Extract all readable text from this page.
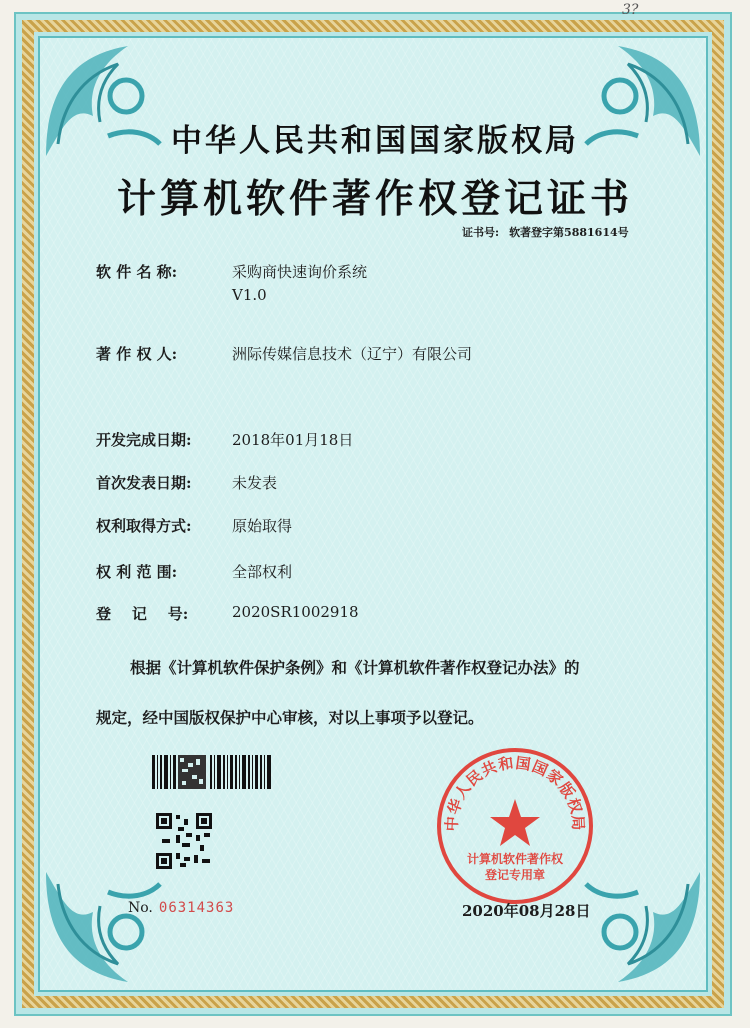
3?
中华人民共和国国家版权局
计算机软件著作权登记证书
证书号: 软著登字第5881614号
软 件 名 称:	采购商快速询价系统
V1.0
著 作 权 人:	洲际传媒信息技术（辽宁）有限公司
开发完成日期:	2018年01月18日
首次发表日期:	未发表
权利取得方式:	原始取得
权 利 范 围:	全部权利
登    记    号:	2020SR1002918
根据《计算机软件保护条例》和《计算机软件著作权登记办法》的
规定，经中国版权保护中心审核，对以上事项予以登记。
No. 06314363
中华人民共和国国家版权局
计算机软件著作权
登记专用章
2020年08月28日
